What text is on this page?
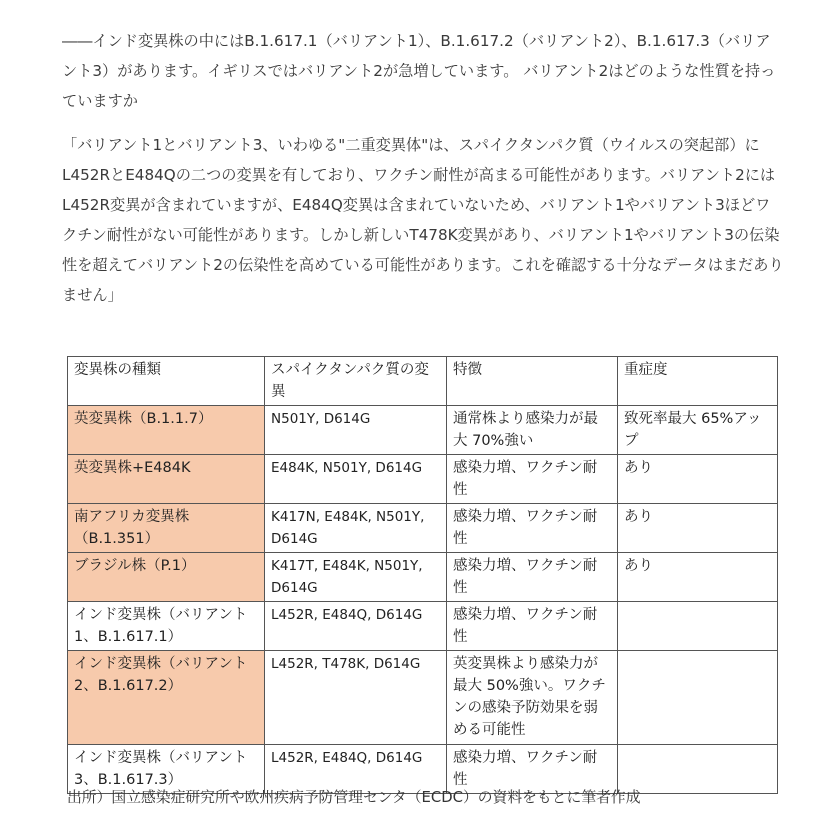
――インド変異株の中にはB.1.617.1（バリアント1）、B.1.617.2（バリアント2）、B.1.617.3（バリアント3）があります。イギリスではバリアント2が急増しています。 バリアント2はどのような性質を持っていますか

「バリアント1とバリアント3、いわゆる"二重変異体"は、スパイクタンパク質（ウイルスの突起部）にL452RとE484Qの二つの変異を有しており、ワクチン耐性が高まる可能性があります。バリアント2にはL452R変異が含まれていますが、E484Q変異は含まれていないため、バリアント1やバリアント3ほどワクチン耐性がない可能性があります。しかし新しいT478K変異があり、バリアント1やバリアント3の伝染性を超えてバリアント2の伝染性を高めている可能性があります。これを確認する十分なデータはまだありません」

変異株の種類	スパイクタンパク質の変異	特徴	重症度
英変異株（B.1.1.7）	N501Y, D614G	通常株より感染力が最大 70%強い	致死率最大 65%アップ
英変異株+E484K	E484K, N501Y, D614G	感染力増、ワクチン耐性	あり
南アフリカ変異株（B.1.351）	K417N, E484K, N501Y, D614G	感染力増、ワクチン耐性	あり
ブラジル株（P.1）	K417T, E484K, N501Y, D614G	感染力増、ワクチン耐性	あり
インド変異株（バリアント 1、B.1.617.1）	L452R, E484Q, D614G	感染力増、ワクチン耐性	
インド変異株（バリアント 2、B.1.617.2）	L452R, T478K, D614G	英変異株より感染力が最大 50%強い。ワクチンの感染予防効果を弱める可能性	
インド変異株（バリアント 3、B.1.617.3）	L452R, E484Q, D614G	感染力増、ワクチン耐性	

出所）国立感染症研究所や欧州疾病予防管理センタ（ECDC）の資料をもとに筆者作成
